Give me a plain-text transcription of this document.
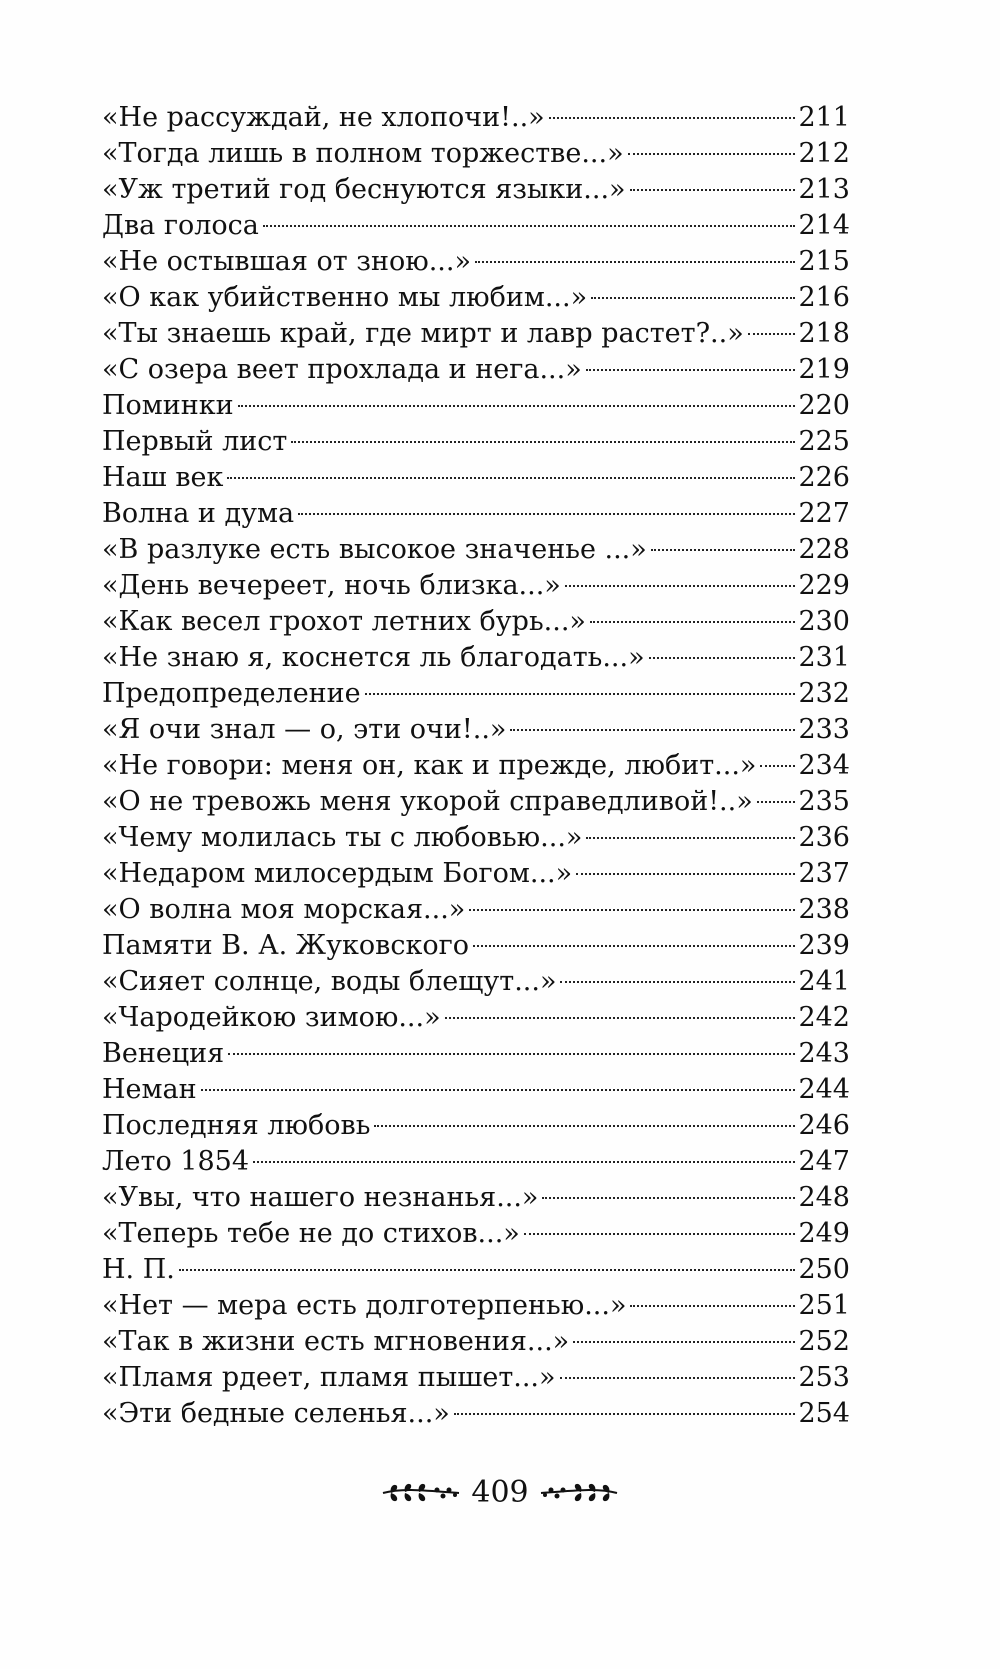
«Не рассуждай, не хлопочи!..»	211
«Тогда лишь в полном торжестве...»	212
«Уж третий год беснуются языки...»	213
Два голоса	214
«Не остывшая от зною...»	215
«О как убийственно мы любим...»	216
«Ты знаешь край, где мирт и лавр растет?..» 218
«С озера веет прохлада и нега...»	219
Поминки	220
Первый лист	225
Наш век	226
Волна и дума	227
«В разлуке есть высокое значенье ...»	228
«День вечереет, ночь близка...»	229
«Как весел грохот летних бурь...»	230
«Не знаю я, коснется ль благодать...»	231
Предопределение	232
«Я очи знал — о, эти очи!..»	233
«Не говори: меня он, как и прежде, любит...» 234
«О не тревожь меня укорой справедливой!..» 235
«Чему молилась ты с любовью...»	236
«Недаром милосердым Богом...»	237
«О волна моя морская...»	238
Памяти В. А. Жуковского	239
«Сияет солнце, воды блещут...»	241
«Чародейкою зимою...»	242
Венеция	243
Неман	244
Последняя любовь	246
Лето 1854	247
«Увы, что нашего незнанья...»	248
«Теперь тебе не до стихов...»	249
Н. П.	250
«Нет — мера есть долготерпенью...»	251
«Так в жизни есть мгновения...»	252
«Пламя рдеет, пламя пышет...»	253
«Эти бедные селенья...»	254
409
